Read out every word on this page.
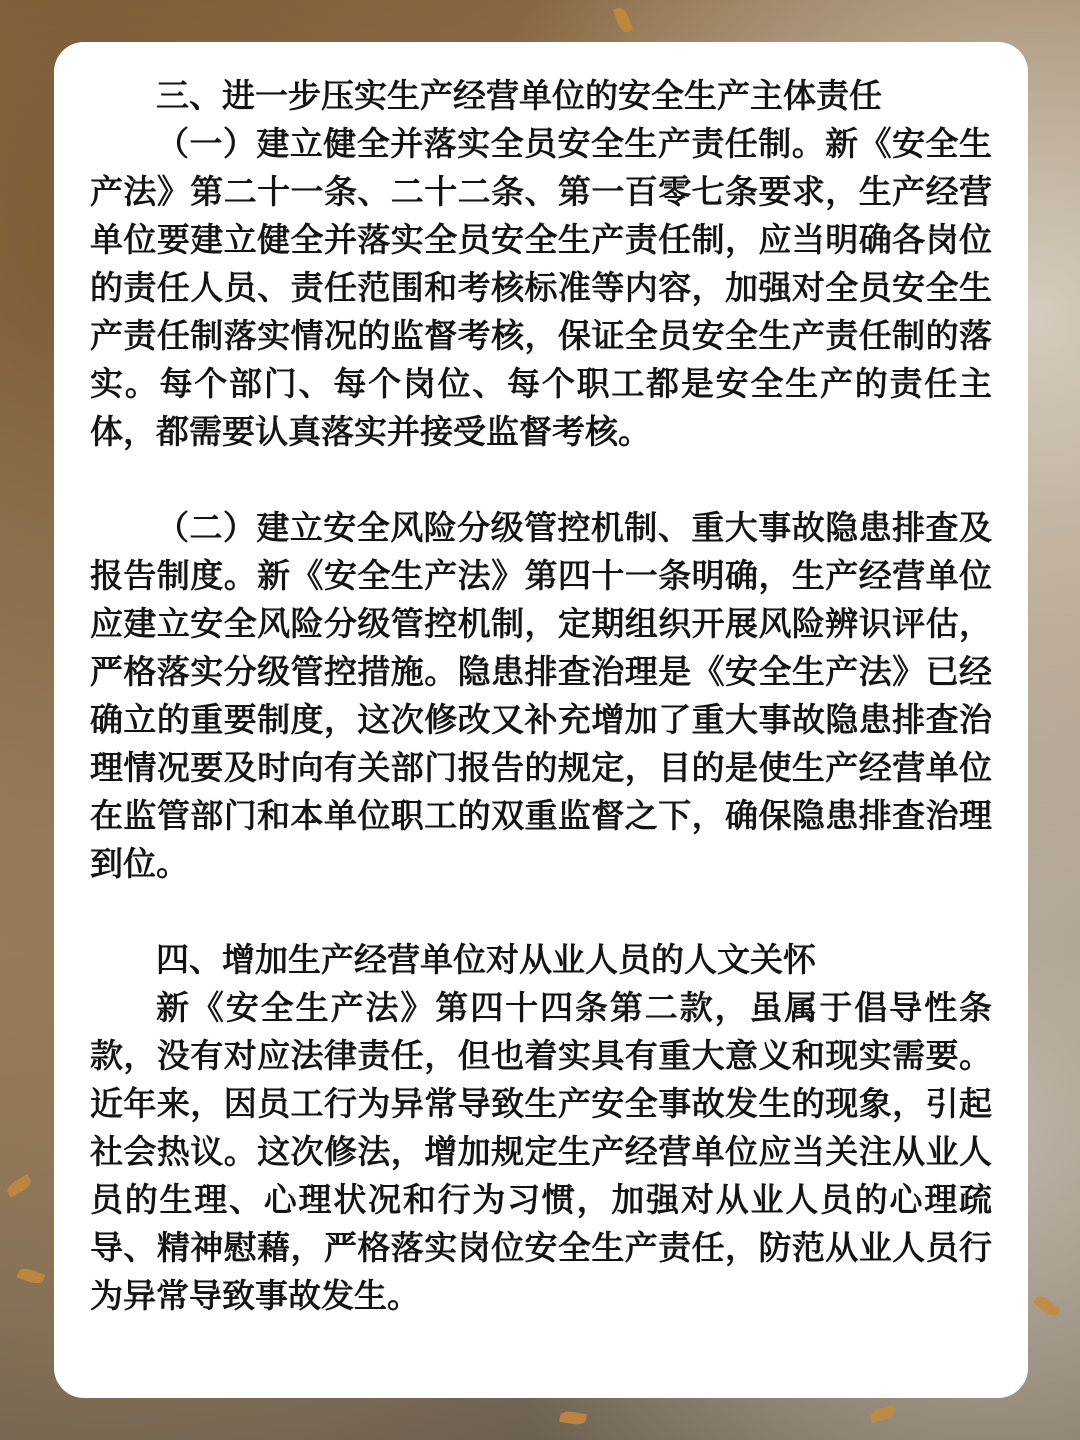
三、进一步压实生产经营单位的安全生产主体责任

（一）建立健全并落实全员安全生产责任制。新《安全生产法》第二十一条、二十二条、第一百零七条要求，生产经营单位要建立健全并落实全员安全生产责任制，应当明确各岗位的责任人员、责任范围和考核标准等内容，加强对全员安全生产责任制落实情况的监督考核，保证全员安全生产责任制的落实。每个部门、每个岗位、每个职工都是安全生产的责任主体，都需要认真落实并接受监督考核。

（二）建立安全风险分级管控机制、重大事故隐患排查及报告制度。新《安全生产法》第四十一条明确，生产经营单位应建立安全风险分级管控机制，定期组织开展风险辨识评估，严格落实分级管控措施。隐患排查治理是《安全生产法》已经确立的重要制度，这次修改又补充增加了重大事故隐患排查治理情况要及时向有关部门报告的规定，目的是使生产经营单位在监管部门和本单位职工的双重监督之下，确保隐患排查治理到位。

四、增加生产经营单位对从业人员的人文关怀

新《安全生产法》第四十四条第二款，虽属于倡导性条款，没有对应法律责任，但也着实具有重大意义和现实需要。近年来，因员工行为异常导致生产安全事故发生的现象，引起社会热议。这次修法，增加规定生产经营单位应当关注从业人员的生理、心理状况和行为习惯，加强对从业人员的心理疏导、精神慰藉，严格落实岗位安全生产责任，防范从业人员行为异常导致事故发生。
